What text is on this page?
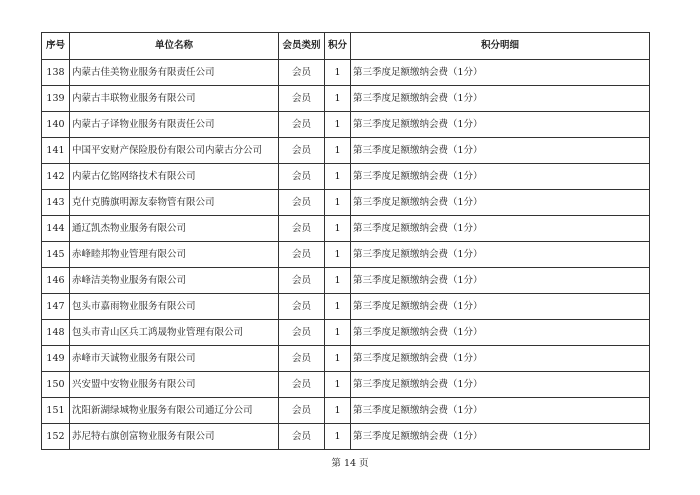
序号	单位名称	会员类别	积分	积分明细
138	内蒙古佳美物业服务有限责任公司	会员	1	第三季度足额缴纳会费（1分）
139	内蒙古丰联物业服务有限公司	会员	1	第三季度足额缴纳会费（1分）
140	内蒙古子译物业服务有限责任公司	会员	1	第三季度足额缴纳会费（1分）
141	中国平安财产保险股份有限公司内蒙古分公司	会员	1	第三季度足额缴纳会费（1分）
142	内蒙古亿铭网络技术有限公司	会员	1	第三季度足额缴纳会费（1分）
143	克什克腾旗明源友泰物管有限公司	会员	1	第三季度足额缴纳会费（1分）
144	通辽凯杰物业服务有限公司	会员	1	第三季度足额缴纳会费（1分）
145	赤峰睦邦物业管理有限公司	会员	1	第三季度足额缴纳会费（1分）
146	赤峰洁美物业服务有限公司	会员	1	第三季度足额缴纳会费（1分）
147	包头市嘉雨物业服务有限公司	会员	1	第三季度足额缴纳会费（1分）
148	包头市青山区兵工鸿晟物业管理有限公司	会员	1	第三季度足额缴纳会费（1分）
149	赤峰市天诚物业服务有限公司	会员	1	第三季度足额缴纳会费（1分）
150	兴安盟中安物业服务有限公司	会员	1	第三季度足额缴纳会费（1分）
151	沈阳新湖绿城物业服务有限公司通辽分公司	会员	1	第三季度足额缴纳会费（1分）
152	苏尼特右旗创富物业服务有限公司	会员	1	第三季度足额缴纳会费（1分）
第 14 页
